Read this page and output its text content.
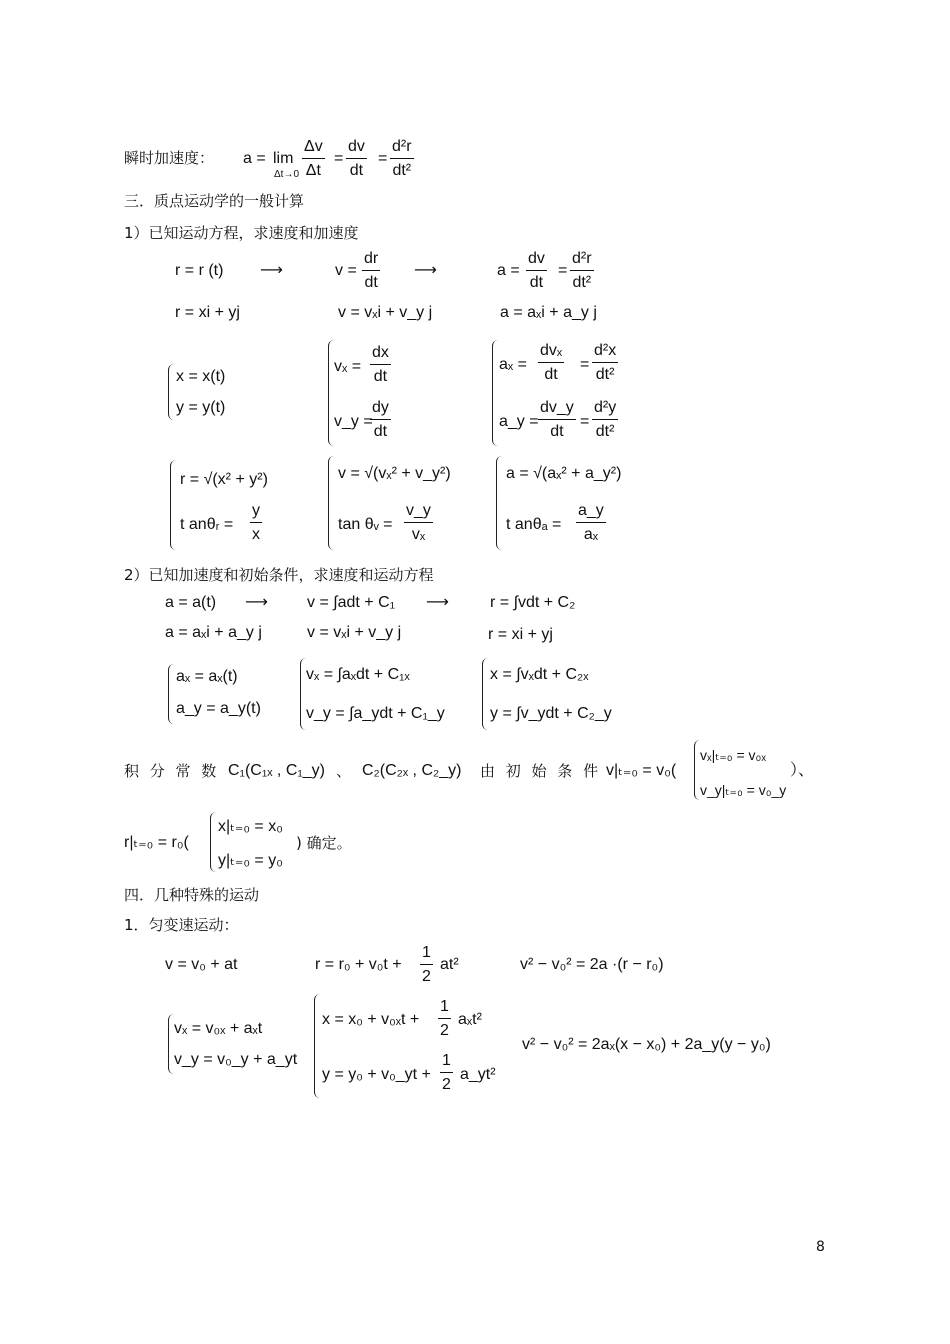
瞬时加速度： a = lim
$\Delta t\to 0 \frac{\Delta v}{\Delta t} = \frac{dv}{dt} = \frac{\text{d²r}}{\text{dt²}}$
三．质点运动学的一般计算
1）已知运动方程，求速度和加速度
r = r (t) ⟶	$v = \frac{dr}{dt}$ ⟶	$a = \frac{dv}{dt} = \frac{\text{d²r}}{\text{dt²}}$
r = xi + yj	v = vₓi + v_y j	a = aₓi + a_y j
x = x(t)
y = y(t)
$v_x = \frac{dx}{dt}$
v_y =
$\frac{dy}{dt}$
aₓ =
dvₓ
dt
= $\frac{\text{d²x}}{\text{dt²}}$
a_y = $\frac{dv\_y}{dt} = \frac{\text{d²y}}{\text{dt²}}$
r = √(x² + y²)
t anθᵣ = $\frac{y}{x}$
v = √(vₓ² + v_y²)
tan θᵥ = $\frac{v\_y}{\text{vₓ}}$
a = √(aₓ² + a_y²)
t $an\theta_a = \frac{a\_y}{\text{aₓ}}$
2）已知加速度和初始条件，求速度和运动方程
a = a(t) ⟶ v = ∫adt + C₁ ⟶	r = ∫vdt + C₂
a = aₓi + a_y j	v = vₓi + v_y j	r = xi + yj
aₓ = aₓ(t)
a_y = a_y(t)
vₓ = ∫aₓdt + C₁ₓ
v_y = ∫a_ydt + C₁_y
x = ∫vₓdt + C₂ₓ
y = ∫v_ydt + C₂_y
积 分 常 数 C₁(C₁ₓ , C₁_y) 、 C₂(C₂ₓ , C₂_y) 由 初 始 条 件 v|ₜ₌₀ = v₀(
vₓ|ₜ₌₀ = v₀ₓ
v_y|ₜ₌₀ = v₀_y
）、
r|ₜ₌₀ = r₀(
x|ₜ₌₀ = x₀
y|ₜ₌₀ = y₀
) 确定。
四．几种特殊的运动
1．匀变速运动：
v = v₀ + at	$r = r_0 + v_0t + \frac{1}{2} at^2$	v² − v₀² = 2a ·(r − r₀)
vₓ = v₀ₓ + aₓt
v_y = v₀_y + a_yt
$x = x_0 + v_{0x}t + \frac{1}{2} a_xt^2$
y = y₀ + v₀_yt + $\frac{1}{2}$ a_yt²
v² − v₀² = 2aₓ(x − x₀) + 2a_y(y − y₀)
8
